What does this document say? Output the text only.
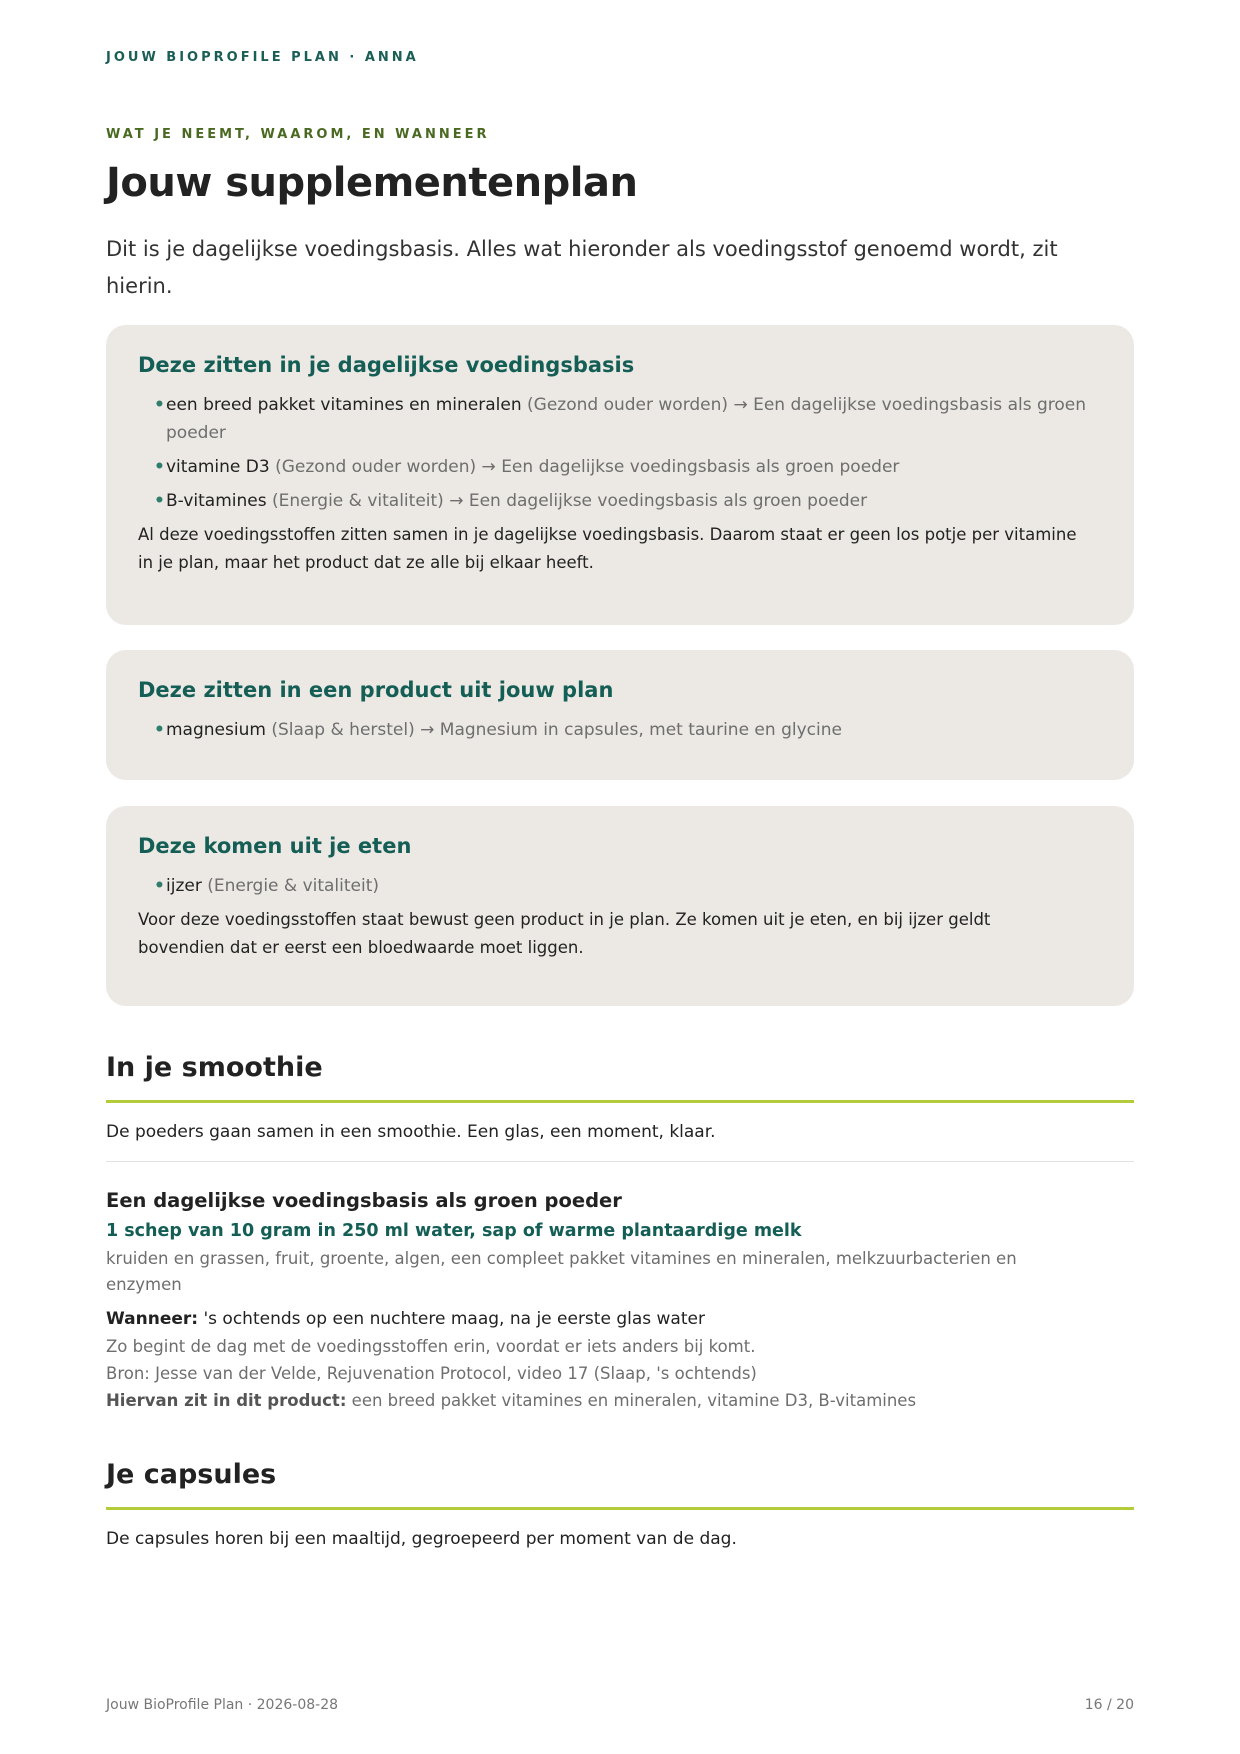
JOUW BIOPROFILE PLAN · ANNA
WAT JE NEEMT, WAAROM, EN WANNEER
Jouw supplementenplan

Dit is je dagelijkse voedingsbasis. Alles wat hieronder als voedingsstof genoemd wordt, zit hierin.

Deze zitten in je dagelijkse voedingsbasis
• een breed pakket vitamines en mineralen (Gezond ouder worden) → Een dagelijkse voedingsbasis als groen poeder
• vitamine D3 (Gezond ouder worden) → Een dagelijkse voedingsbasis als groen poeder
• B-vitamines (Energie & vitaliteit) → Een dagelijkse voedingsbasis als groen poeder

Al deze voedingsstoffen zitten samen in je dagelijkse voedingsbasis. Daarom staat er geen los potje per vitamine in je plan, maar het product dat ze alle bij elkaar heeft.

Deze zitten in een product uit jouw plan
• magnesium (Slaap & herstel) → Magnesium in capsules, met taurine en glycine
Deze komen uit je eten
• ijzer (Energie & vitaliteit)

Voor deze voedingsstoffen staat bewust geen product in je plan. Ze komen uit je eten, en bij ijzer geldt bovendien dat er eerst een bloedwaarde moet liggen.

In je smoothie

De poeders gaan samen in een smoothie. Een glas, een moment, klaar.

Een dagelijkse voedingsbasis als groen poeder

1 schep van 10 gram in 250 ml water, sap of warme plantaardige melk

kruiden en grassen, fruit, groente, algen, een compleet pakket vitamines en mineralen, melkzuurbacterien en enzymen

Wanneer: 's ochtends op een nuchtere maag, na je eerste glas water

Zo begint de dag met de voedingsstoffen erin, voordat er iets anders bij komt.

Bron: Jesse van der Velde, Rejuvenation Protocol, video 17 (Slaap, 's ochtends)

Hiervan zit in dit product: een breed pakket vitamines en mineralen, vitamine D3, B-vitamines

Je capsules

De capsules horen bij een maaltijd, gegroepeerd per moment van de dag.

Jouw BioProfile Plan · 2026-08-28	16 / 20
